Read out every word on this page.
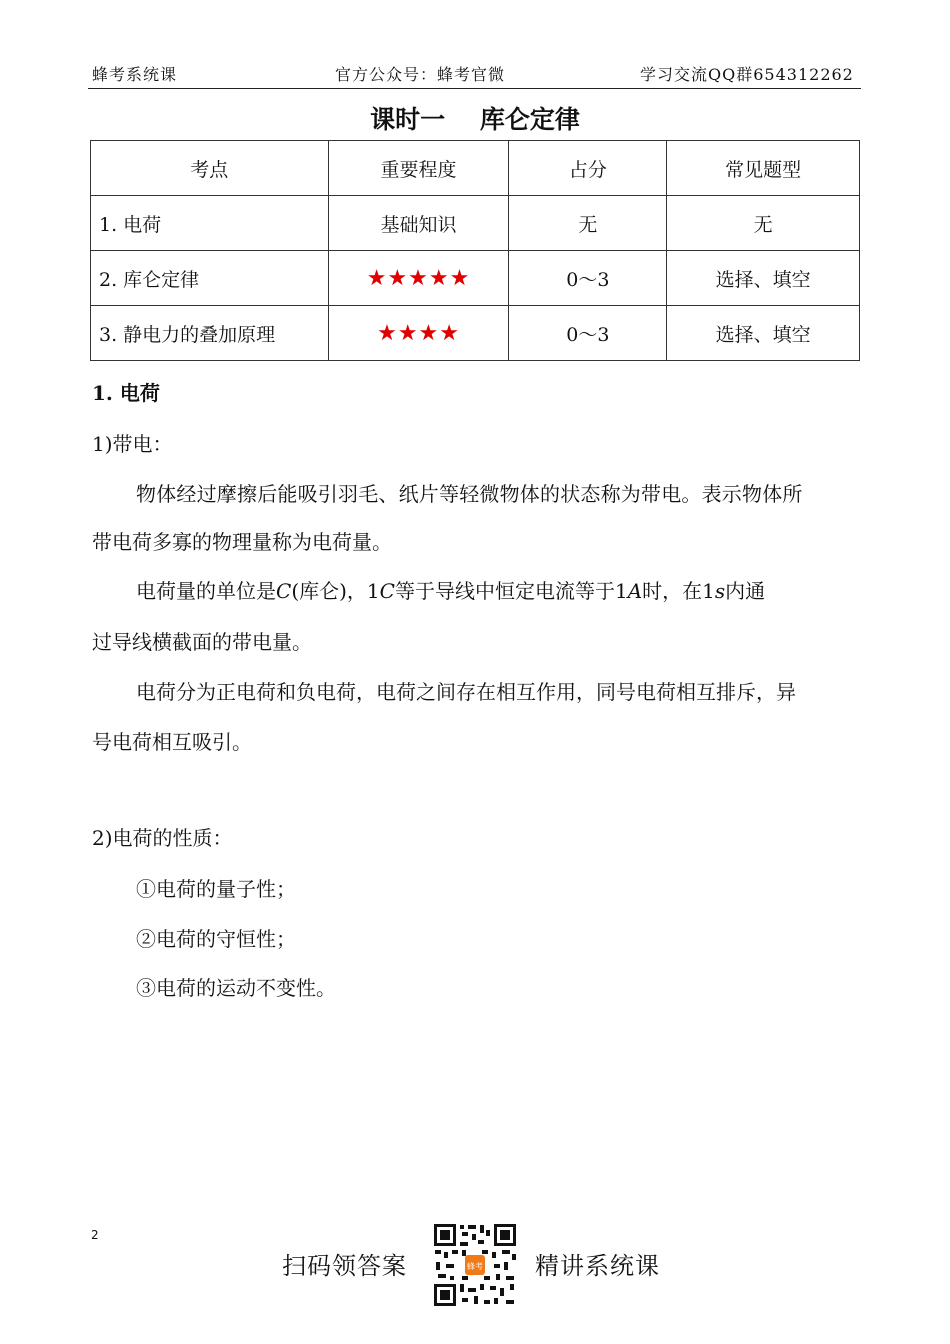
蜂考系统课	官方公众号：蜂考官微	学习交流QQ群654312262
课时一    库仑定律
考点	重要程度	占分	常见题型
1. 电荷	基础知识	无	无
2. 库仑定律	★★★★★	0～3	选择、填空
3. 静电力的叠加原理	★★★★	0～3	选择、填空
1. 电荷
1)带电：
物体经过摩擦后能吸引羽毛、纸片等轻微物体的状态称为带电。表示物体所
带电荷多寡的物理量称为电荷量。
电荷量的单位是C(库仑)，1C等于导线中恒定电流等于1A时，在1s内通
过导线横截面的带电量。
电荷分为正电荷和负电荷，电荷之间存在相互作用，同号电荷相互排斥，异
号电荷相互吸引。
2)电荷的性质：
①电荷的量子性；
②电荷的守恒性；
③电荷的运动不变性。
2
扫码领答案	蜂考 精讲系统课
